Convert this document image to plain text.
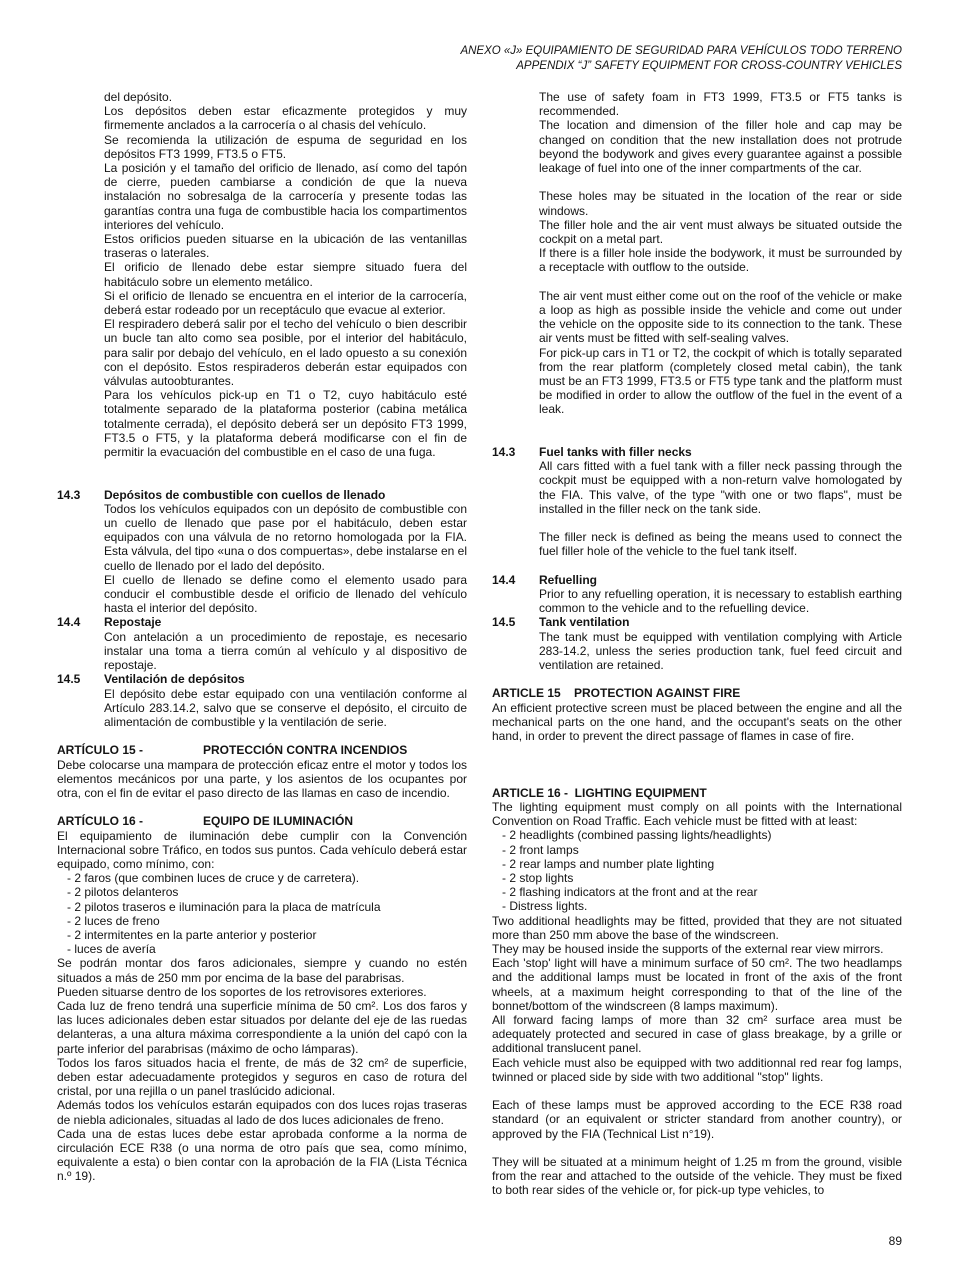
ANEXO «J» EQUIPAMIENTO DE SEGURIDAD PARA VEHÍCULOS TODO TERRENO
APPENDIX “J” SAFETY EQUIPMENT FOR CROSS-COUNTRY VEHICLES

del depósito.

Los depósitos deben estar eficazmente protegidos y muy firmemente anclados a la carrocería o al chasis del vehículo.

Se recomienda la utilización de espuma de seguridad en los depósitos FT3 1999, FT3.5 o FT5.

La posición y el tamaño del orificio de llenado, así como del tapón de cierre, pueden cambiarse a condición de que la nueva instalación no sobresalga de la carrocería y presente todas las garantías contra una fuga de combustible hacia los compartimentos interiores del vehículo.

Estos orificios pueden situarse en la ubicación de las ventanillas traseras o laterales.

El orificio de llenado debe estar siempre situado fuera del habitáculo sobre un elemento metálico.

Si el orificio de llenado se encuentra en el interior de la carrocería, deberá estar rodeado por un receptáculo que evacue al exterior.

El respiradero deberá salir por el techo del vehículo o bien describir un bucle tan alto como sea posible, por el interior del habitáculo, para salir por debajo del vehículo, en el lado opuesto a su conexión con el depósito. Estos respiraderos deberán estar equipados con válvulas autoobturantes.

Para los vehículos pick-up en T1 o T2, cuyo habitáculo esté totalmente separado de la plataforma posterior (cabina metálica totalmente cerrada), el depósito deberá ser un depósito FT3 1999, FT3.5 o FT5, y la plataforma deberá modificarse con el fin de permitir la evacuación del combustible en el caso de una fuga.

14.3	Depósitos de combustible con cuellos de llenado

Todos los vehículos equipados con un depósito de combustible con un cuello de llenado que pase por el habitáculo, deben estar equipados con una válvula de no retorno homologada por la FIA. Esta válvula, del tipo «una o dos compuertas», debe instalarse en el cuello de llenado por el lado del depósito.

El cuello de llenado se define como el elemento usado para conducir el combustible desde el orificio de llenado del vehículo hasta el interior del depósito.

14.4	Repostaje

Con antelación a un procedimiento de repostaje, es necesario instalar una toma a tierra común al vehículo y al dispositivo de repostaje.

14.5	Ventilación de depósitos

El depósito debe estar equipado con una ventilación conforme al Artículo 283.14.2, salvo que se conserve el depósito, el circuito de alimentación de combustible y la ventilación de serie.

ARTÍCULO 15 -                  PROTECCIÓN CONTRA INCENDIOS

Debe colocarse una mampara de protección eficaz entre el motor y todos los elementos mecánicos por una parte, y los asientos de los ocupantes por otra, con el fin de evitar el paso directo de las llamas en caso de incendio.

ARTÍCULO 16 -                  EQUIPO DE ILUMINACIÓN

El equipamiento de iluminación debe cumplir con la Convención Internacional sobre Tráfico, en todos sus puntos. Cada vehículo deberá estar equipado, como mínimo, con:

- 2 faros (que combinen luces de cruce y de carretera).
- 2 pilotos delanteros
- 2 pilotos traseros e iluminación para la placa de matrícula
- 2 luces de freno
- 2 intermitentes en la parte anterior y posterior
- luces de avería

Se podrán montar dos faros adicionales, siempre y cuando no estén situados a más de 250 mm por encima de la base del parabrisas.

Pueden situarse dentro de los soportes de los retrovisores exteriores.

Cada luz de freno tendrá una superficie mínima de 50 cm². Los dos faros y las luces adicionales deben estar situados por delante del eje de las ruedas delanteras, a una altura máxima correspondiente a la unión del capó con la parte inferior del parabrisas (máximo de ocho lámparas).

Todos los faros situados hacia el frente, de más de 32 cm² de superficie, deben estar adecuadamente protegidos y seguros en caso de rotura del cristal, por una rejilla o un panel traslúcido adicional.

Además todos los vehículos estarán equipados con dos luces rojas traseras de niebla adicionales, situadas al lado de dos luces adicionales de freno.

Cada una de estas luces debe estar aprobada conforme a la norma de circulación ECE R38 (o una norma de otro país que sea, como mínimo, equivalente a esta) o bien contar con la aprobación de la FIA (Lista Técnica n.º 19).

The use of safety foam in FT3 1999, FT3.5 or FT5 tanks is recommended.

The location and dimension of the filler hole and cap may be changed on condition that the new installation does not protrude beyond the bodywork and gives every guarantee against a possible leakage of fuel into one of the inner compartments of the car.

These holes may be situated in the location of the rear or side windows.

The filler hole and the air vent must always be situated outside the cockpit on a metal part.

If there is a filler hole inside the bodywork, it must be surrounded by a receptacle with outflow to the outside.

The air vent must either come out on the roof of the vehicle or make a loop as high as possible inside the vehicle and come out under the vehicle on the opposite side to its connection to the tank. These air vents must be fitted with self-sealing valves.

For pick-up cars in T1 or T2, the cockpit of which is totally separated from the rear platform (completely closed metal cabin), the tank must be an FT3 1999, FT3.5 or FT5 type tank and the platform must be modified in order to allow the outflow of the fuel in the event of a leak.

14.3	Fuel tanks with filler necks

All cars fitted with a fuel tank with a filler neck passing through the cockpit must be equipped with a non-return valve homologated by the FIA. This valve, of the type "with one or two flaps", must be installed in the filler neck on the tank side.

The filler neck is defined as being the means used to connect the fuel filler hole of the vehicle to the fuel tank itself.

14.4	Refuelling

Prior to any refuelling operation, it is necessary to establish earthing common to the vehicle and to the refuelling device.

14.5	Tank ventilation

The tank must be equipped with ventilation complying with Article 283-14.2, unless the series production tank, fuel feed circuit and ventilation are retained.

ARTICLE 15    PROTECTION AGAINST FIRE

An efficient protective screen must be placed between the engine and all the mechanical parts on the one hand, and the occupant's seats on the other hand, in order to prevent the direct passage of flames in case of fire.

ARTICLE 16 -  LIGHTING EQUIPMENT

The lighting equipment must comply on all points with the International Convention on Road Traffic. Each vehicle must be fitted with at least:

- 2 headlights (combined passing lights/headlights)
- 2 front lamps
- 2 rear lamps and number plate lighting
- 2 stop lights
- 2 flashing indicators at the front and at the rear
- Distress lights.

Two additional headlights may be fitted, provided that they are not situated more than 250 mm above the base of the windscreen.

They may be housed inside the supports of the external rear view mirrors.

Each 'stop' light will have a minimum surface of 50 cm². The two headlamps and the additional lamps must be located in front of the axis of the front wheels, at a maximum height corresponding to that of the line of the bonnet/bottom of the windscreen (8 lamps maximum).

All forward facing lamps of more than 32 cm² surface area must be adequately protected and secured in case of glass breakage, by a grille or additional translucent panel.

Each vehicle must also be equipped with two additionnal red rear fog lamps, twinned or placed side by side with two additional "stop" lights.

Each of these lamps must be approved according to the ECE R38 road standard (or an equivalent or stricter standard from another country), or approved by the FIA (Technical List n°19).

They will be situated at a minimum height of 1.25 m from the ground, visible from the rear and attached to the outside of the vehicle. They must be fixed to both rear sides of the vehicle or, for pick-up type vehicles, to

89
